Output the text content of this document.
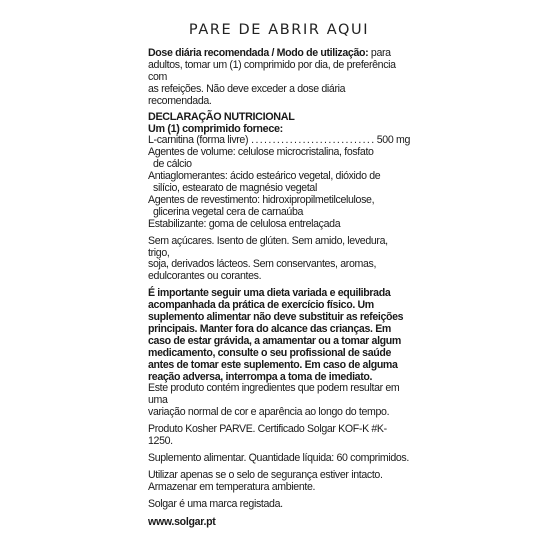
PARE DE ABRIR AQUI

Dose diária recomendada / Modo de utilização: para
adultos, tomar um (1) comprimido por dia, de preferência com
as refeições. Não deve exceder a dose diária recomendada.

DECLARAÇÃO NUTRICIONAL

Um (1) comprimido fornece:

L-carnitina (forma livre)
. . .	500 mg

Agentes de volume: celulose microcristalina, fosfato
de cálcio
Antiaglomerantes: ácido esteárico vegetal, dióxido de
silício, estearato de magnésio vegetal
Agentes de revestimento: hidroxipropilmetilcelulose,
glicerina vegetal cera de carnaúba
Estabilizante: goma de celulosa entrelaçada

Sem açúcares. Isento de glúten. Sem amido, levedura, trigo,
soja, derivados lácteos. Sem conservantes, aromas,
edulcorantes ou corantes.

É importante seguir uma dieta variada e equilibrada
acompanhada da prática de exercício físico. Um
suplemento alimentar não deve substituir as refeições
principais. Manter fora do alcance das crianças. Em
caso de estar grávida, a amamentar ou a tomar algum
medicamento, consulte o seu profissional de saúde
antes de tomar este suplemento. Em caso de alguma
reação adversa, interrompa a toma de imediato.

Este produto contém ingredientes que podem resultar em uma
variação normal de cor e aparência ao longo do tempo.

Produto Kosher PARVE. Certificado Solgar KOF-K #K-1250.

Suplemento alimentar. Quantidade líquida: 60 comprimidos.

Utilizar apenas se o selo de segurança estiver intacto.

Armazenar em temperatura ambiente.

Solgar é uma marca registada.

www.solgar.pt
